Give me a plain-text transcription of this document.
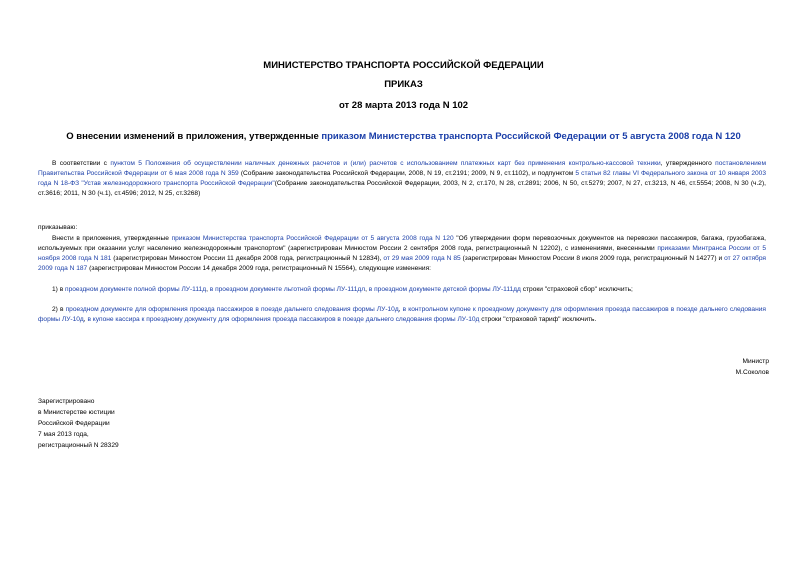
МИНИСТЕРСТВО ТРАНСПОРТА РОССИЙСКОЙ ФЕДЕРАЦИИ
ПРИКАЗ
от 28 марта 2013 года N 102
О внесении изменений в приложения, утвержденные приказом Министерства транспорта Российской Федерации от 5 августа 2008 года N 120
В соответствии с пунктом 5 Положения об осуществлении наличных денежных расчетов и (или) расчетов с использованием платежных карт без применения контрольно-кассовой техники, утвержденного постановлением Правительства Российской Федерации от 6 мая 2008 года N 359 (Собрание законодательства Российской Федерации, 2008, N 19, ст.2191; 2009, N 9, ст.1102), и подпунктом 5 статьи 82 главы VI Федерального закона от 10 января 2003 года N 18-ФЗ "Устав железнодорожного транспорта Российской Федерации"(Собрание законодательства Российской Федерации, 2003, N 2, ст.170, N 28, ст.2891; 2006, N 50, ст.5279; 2007, N 27, ст.3213, N 46, ст.5554; 2008, N 30 (ч.2), ст.3616; 2011, N 30 (ч.1), ст.4596; 2012, N 25, ст.3268)
приказываю:
Внести в приложения, утвержденные приказом Министерства транспорта Российской Федерации от 5 августа 2008 года N 120 "Об утверждении форм перевозочных документов на перевозки пассажиров, багажа, грузобагажа, используемых при оказании услуг населению железнодорожным транспортом" (зарегистрирован Минюстом России 2 сентября 2008 года, регистрационный N 12202), с изменениями, внесенными приказами Минтранса России от 5 ноября 2008 года N 181 (зарегистрирован Минюстом России 11 декабря 2008 года, регистрационный N 12834), от 29 мая 2009 года N 85 (зарегистрирован Минюстом России 8 июля 2009 года, регистрационный N 14277) и от 27 октября 2009 года N 187 (зарегистрирован Минюстом России 14 декабря 2009 года, регистрационный N 15564), следующие изменения:
1) в проездном документе полной формы ЛУ-111д, в проездном документе льготной формы ЛУ-111дл, в проездном документе детской формы ЛУ-111дд строки "страховой сбор" исключить;
2) в проездном документе для оформления проезда пассажиров в поезде дальнего следования формы ЛУ-10д, в контрольном купоне к проездному документу для оформления проезда пассажиров в поезде дальнего следования формы ЛУ-10д, в купоне кассира к проездному документу для оформления проезда пассажиров в поезде дальнего следования формы ЛУ-10д строки "страховой тариф" исключить.
Министр
М.Соколов
Зарегистрировано
в Министерстве юстиции
Российской Федерации
7 мая 2013 года,
регистрационный N 28329
